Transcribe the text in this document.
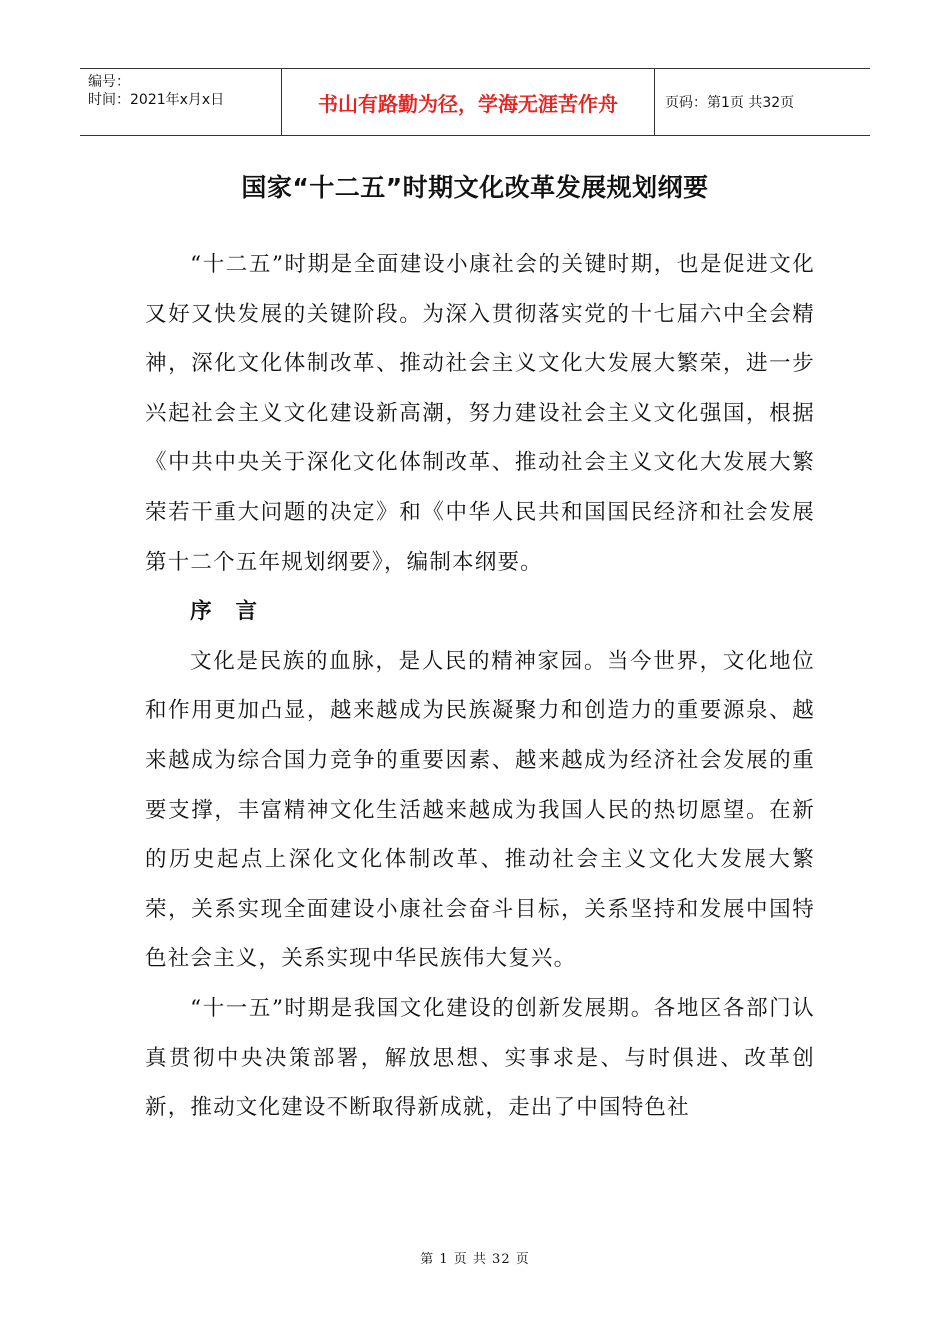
编号：
时间：2021年x月x日	书山有路勤为径，学海无涯苦作舟	页码：第1页 共32页
国家“十二五”时期文化改革发展规划纲要

“十二五”时期是全面建设小康社会的关键时期，也是促进文化又好又快发展的关键阶段。为深入贯彻落实党的十七届六中全会精神，深化文化体制改革、推动社会主义文化大发展大繁荣，进一步兴起社会主义文化建设新高潮，努力建设社会主义文化强国，根据《中共中央关于深化文化体制改革、推动社会主义文化大发展大繁荣若干重大问题的决定》和《中华人民共和国国民经济和社会发展第十二个五年规划纲要》，编制本纲要。

序　言

文化是民族的血脉，是人民的精神家园。当今世界，文化地位和作用更加凸显，越来越成为民族凝聚力和创造力的重要源泉、越来越成为综合国力竞争的重要因素、越来越成为经济社会发展的重要支撑，丰富精神文化生活越来越成为我国人民的热切愿望。在新的历史起点上深化文化体制改革、推动社会主义文化大发展大繁荣，关系实现全面建设小康社会奋斗目标，关系坚持和发展中国特色社会主义，关系实现中华民族伟大复兴。

“十一五”时期是我国文化建设的创新发展期。各地区各部门认真贯彻中央决策部署，解放思想、实事求是、与时俱进、改革创新，推动文化建设不断取得新成就，走出了中国特色社

第 1 页 共 32 页
